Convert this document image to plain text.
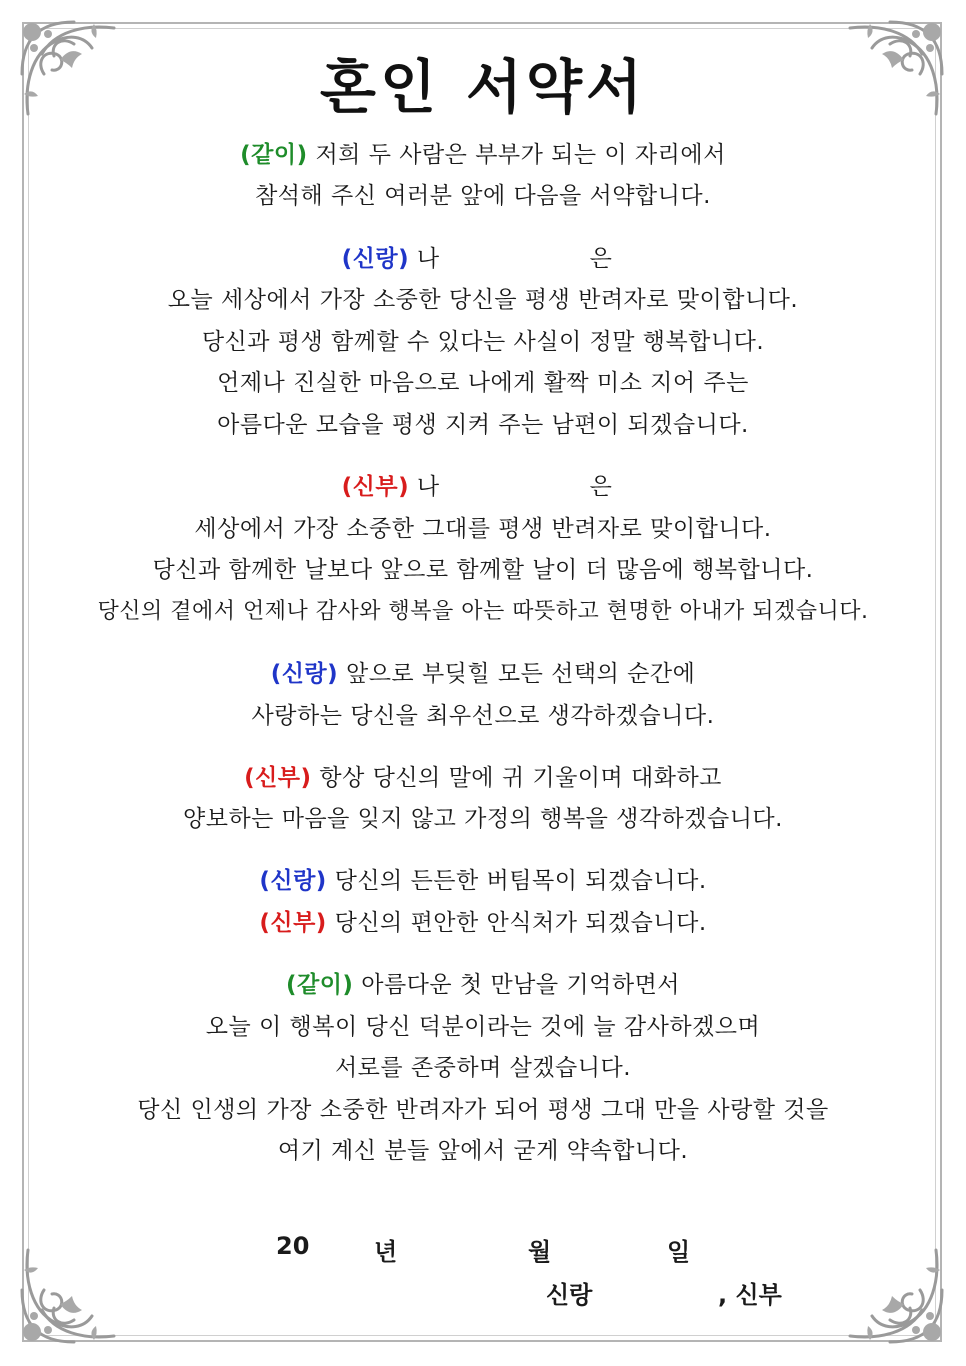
혼인 서약서
(같이) 저희 두 사람은 부부가 되는 이 자리에서
참석해 주신 여러분 앞에 다음을 서약합니다.
(신랑) 나	은
오늘 세상에서 가장 소중한 당신을 평생 반려자로 맞이합니다.
당신과 평생 함께할 수 있다는 사실이 정말 행복합니다.
언제나 진실한 마음으로 나에게 활짝 미소 지어 주는
아름다운 모습을 평생 지켜 주는 남편이 되겠습니다.
(신부) 나	은
세상에서 가장 소중한 그대를 평생 반려자로 맞이합니다.
당신과 함께한 날보다 앞으로 함께할 날이 더 많음에 행복합니다.
당신의 곁에서 언제나 감사와 행복을 아는 따뜻하고 현명한 아내가 되겠습니다.
(신랑) 앞으로 부딪힐 모든 선택의 순간에
사랑하는 당신을 최우선으로 생각하겠습니다.
(신부) 항상 당신의 말에 귀 기울이며 대화하고
양보하는 마음을 잊지 않고 가정의 행복을 생각하겠습니다.
(신랑) 당신의 든든한 버팀목이 되겠습니다.
(신부) 당신의 편안한 안식처가 되겠습니다.
(같이) 아름다운 첫 만남을 기억하면서
오늘 이 행복이 당신 덕분이라는 것에 늘 감사하겠으며
서로를 존중하며 살겠습니다.
당신 인생의 가장 소중한 반려자가 되어 평생 그대 만을 사랑할 것을
여기 계신 분들 앞에서 굳게 약속합니다.
20	년	월	일
신랑	, 신부
